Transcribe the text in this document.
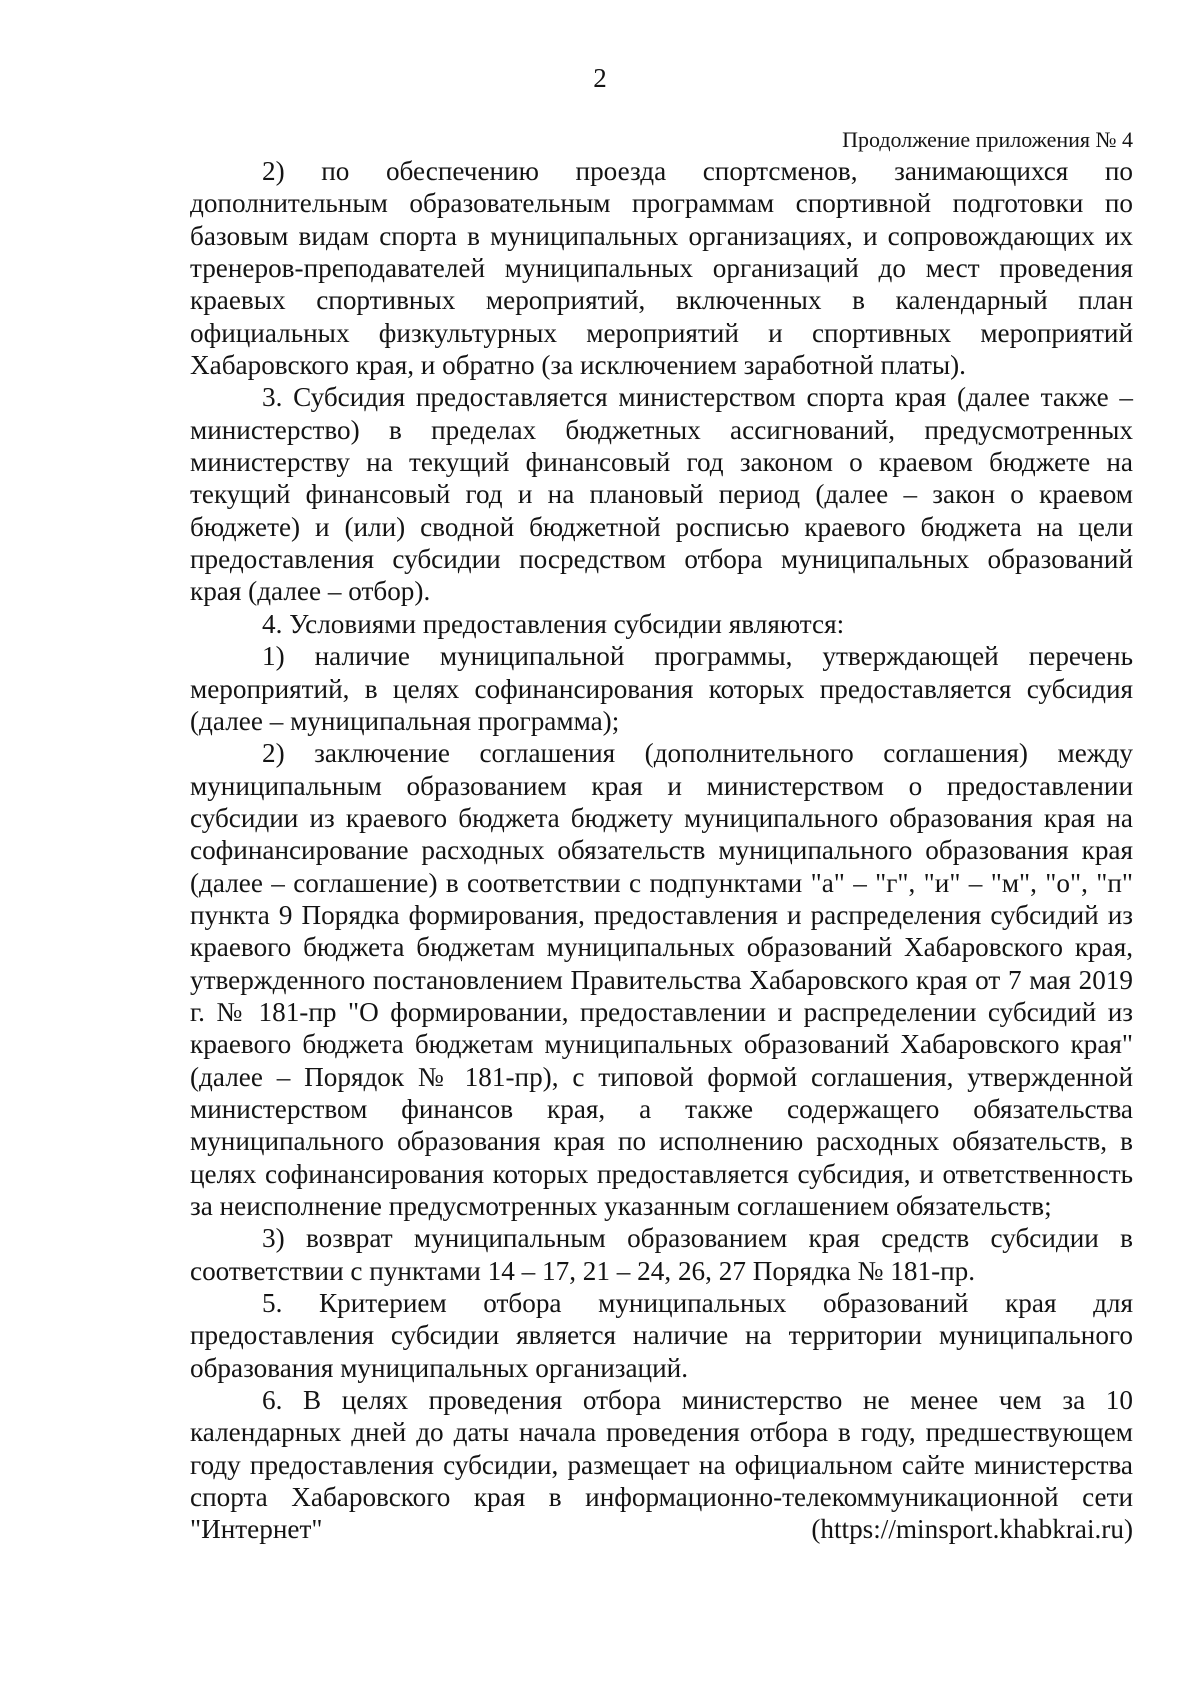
2
Продолжение приложения № 4

2) по обеспечению проезда спортсменов, занимающихся по дополнительным образовательным программам спортивной подготовки по базовым видам спорта в муниципальных организациях, и сопровождающих их тренеров-преподавателей муниципальных организаций до мест проведения краевых спортивных мероприятий, включенных в календарный план официальных физкультурных мероприятий и спортивных мероприятий Хабаровского края, и обратно (за исключением заработной платы).

3. Субсидия предоставляется министерством спорта края (далее также – министерство) в пределах бюджетных ассигнований, предусмотренных министерству на текущий финансовый год законом о краевом бюджете на текущий финансовый год и на плановый период (далее – закон о краевом бюджете) и (или) сводной бюджетной росписью краевого бюджета на цели предоставления субсидии посредством отбора муниципальных образований края (далее – отбор).

4. Условиями предоставления субсидии являются:

1) наличие муниципальной программы, утверждающей перечень мероприятий, в целях софинансирования которых предоставляется субсидия (далее – муниципальная программа);

2) заключение соглашения (дополнительного соглашения) между муниципальным образованием края и министерством о предоставлении субсидии из краевого бюджета бюджету муниципального образования края на софинансирование расходных обязательств муниципального образования края (далее – соглашение) в соответствии с подпунктами "а" – "г", "и" – "м", "о", "п" пункта 9 Порядка формирования, предоставления и распределения субсидий из краевого бюджета бюджетам муниципальных образований Хабаровского края, утвержденного постановлением Правительства Хабаровского края от 7 мая 2019 г. № 181-пр "О формировании, предоставлении и распределении субсидий из краевого бюджета бюджетам муниципальных образований Хабаровского края" (далее – Порядок № 181-пр), с типовой формой соглашения, утвержденной министерством финансов края, а также содержащего обязательства муниципального образования края по исполнению расходных обязательств, в целях софинансирования которых предоставляется субсидия, и ответственность за неисполнение предусмотренных указанным соглашением обязательств;

3) возврат муниципальным образованием края средств субсидии в соответствии с пунктами 14 – 17, 21 – 24, 26, 27 Порядка № 181-пр.

5. Критерием отбора муниципальных образований края для предоставления субсидии является наличие на территории муниципального образования муниципальных организаций.

6. В целях проведения отбора министерство не менее чем за 10 календарных дней до даты начала проведения отбора в году, предшествующем году предоставления субсидии, размещает на официальном сайте министерства спорта Хабаровского края в информационно-телекоммуникационной сети "Интернет" (https://minsport.khabkrai.ru)
